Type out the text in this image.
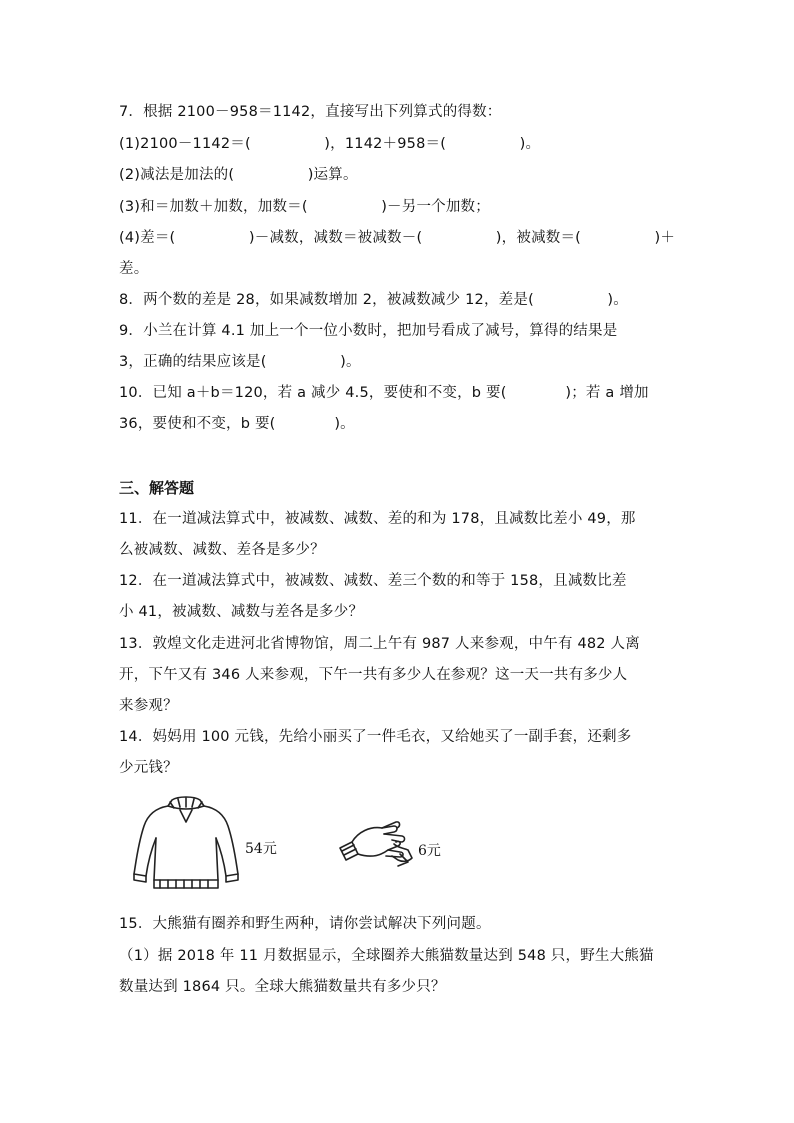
7．根据 2100－958＝1142，直接写出下列算式的得数：
(1)2100－1142＝(　　　　　)，1142＋958＝(　　　　　)。
(2)减法是加法的(　　　　　)运算。
(3)和＝加数＋加数，加数＝(　　　　　)－另一个加数；
(4)差＝(　　　　　)－减数，减数＝被减数－(　　　　　)，被减数＝(　　　　　)＋
差。
8．两个数的差是 28，如果减数增加 2，被减数减少 12，差是(　　　　　)。
9．小兰在计算 4.1 加上一个一位小数时，把加号看成了减号，算得的结果是
3，正确的结果应该是(　　　　　)。
10．已知 a＋b＝120，若 a 减少 4.5，要使和不变，b 要(　　　　)；若 a 增加
36，要使和不变，b 要(　　　　)。
三、解答题
11．在一道减法算式中，被减数、减数、差的和为 178，且减数比差小 49，那
么被减数、减数、差各是多少？
12．在一道减法算式中，被减数、减数、差三个数的和等于 158，且减数比差
小 41，被减数、减数与差各是多少？
13．敦煌文化走进河北省博物馆，周二上午有 987 人来参观，中午有 482 人离
开，下午又有 346 人来参观，下午一共有多少人在参观？这一天一共有多少人
来参观？
14．妈妈用 100 元钱，先给小丽买了一件毛衣，又给她买了一副手套，还剩多
少元钱？
54元	6元
15．大熊猫有圈养和野生两种，请你尝试解决下列问题。
（1）据 2018 年 11 月数据显示，全球圈养大熊猫数量达到 548 只，野生大熊猫
数量达到 1864 只。全球大熊猫数量共有多少只？
